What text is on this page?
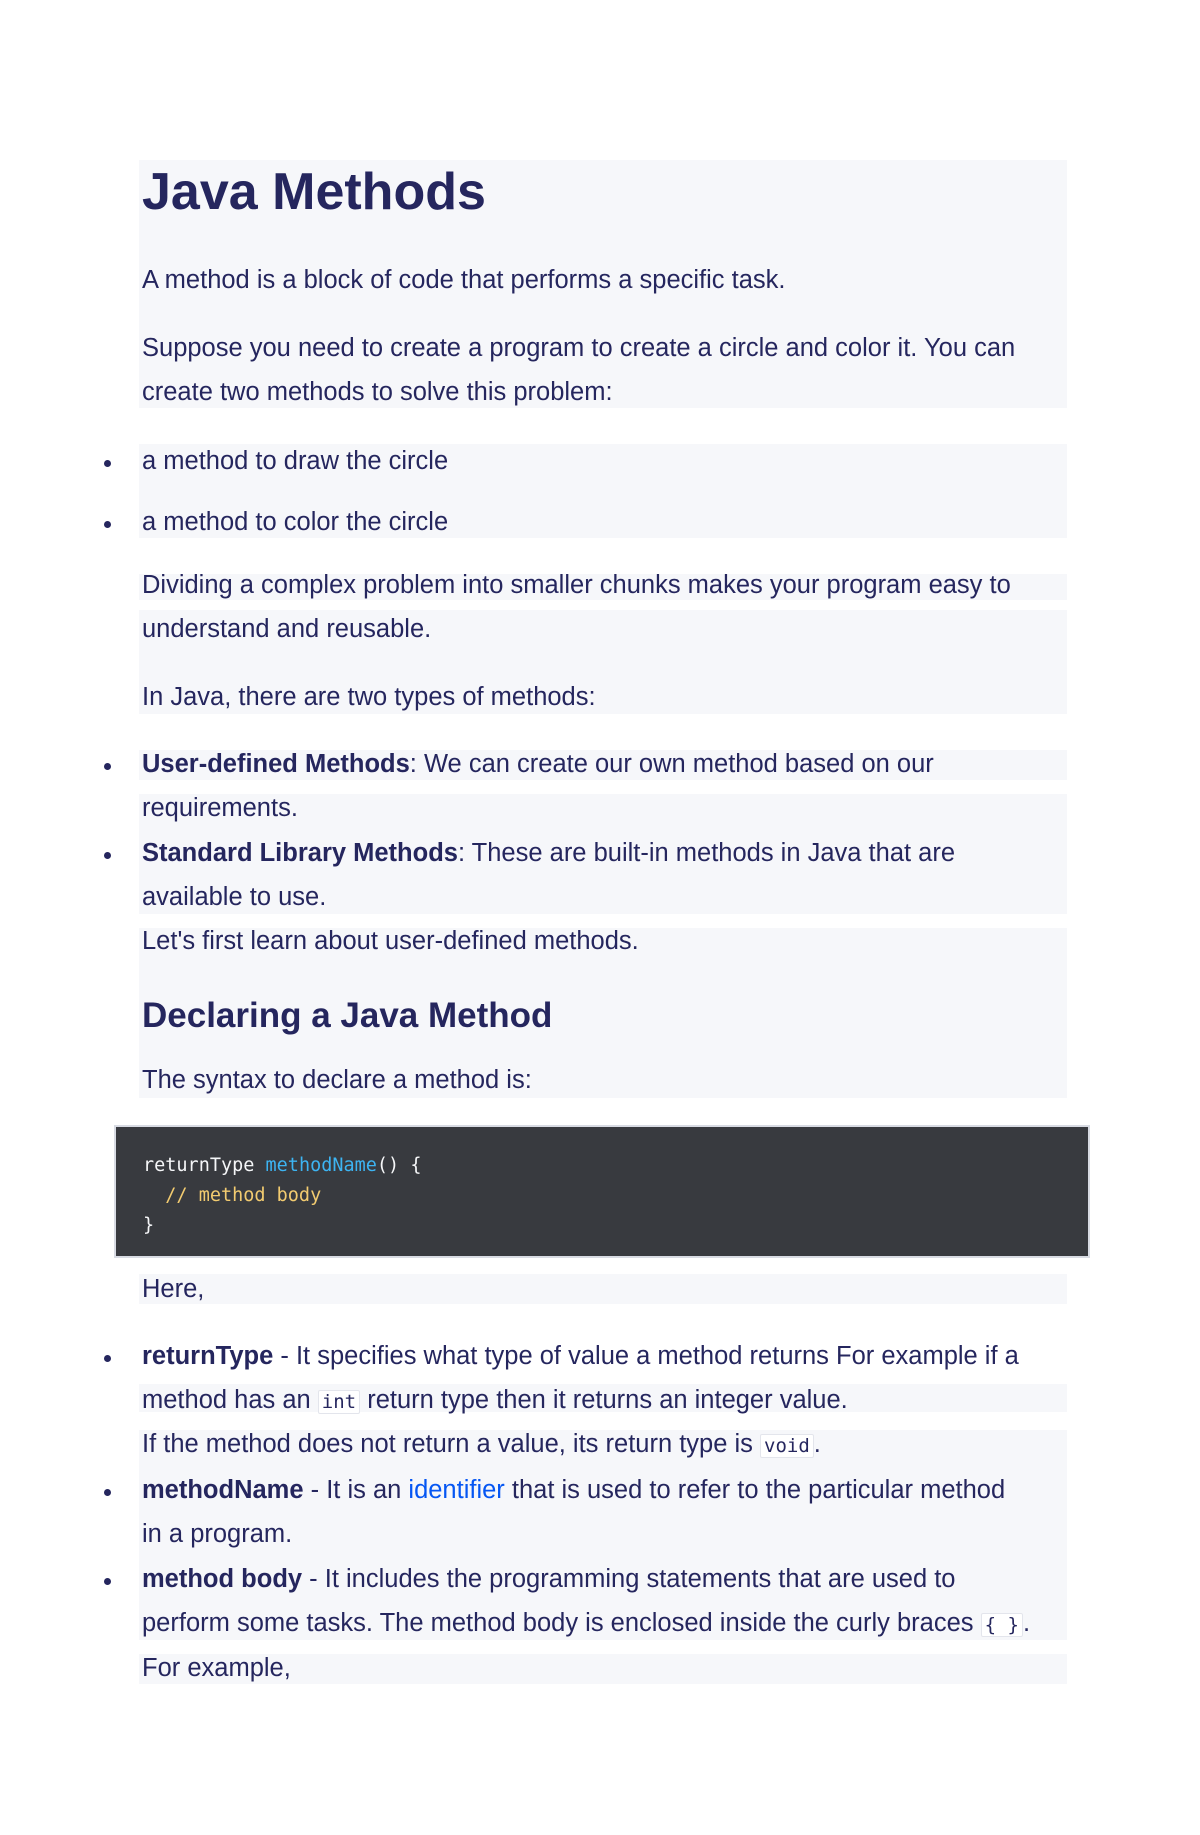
Java Methods
A method is a block of code that performs a specific task.
Suppose you need to create a program to create a circle and color it. You can
create two methods to solve this problem:
a method to draw the circle
a method to color the circle
Dividing a complex problem into smaller chunks makes your program easy to
understand and reusable.
In Java, there are two types of methods:
User-defined Methods: We can create our own method based on our
requirements.
Standard Library Methods: These are built-in methods in Java that are
available to use.
Let's first learn about user-defined methods.
Declaring a Java Method
The syntax to declare a method is:
returnType methodName() {
// method body
}
Here,
returnType - It specifies what type of value a method returns For example if a
method has an int return type then it returns an integer value.
If the method does not return a value, its return type is void .
methodName - It is an identifier that is used to refer to the particular method
in a program.
method body - It includes the programming statements that are used to
perform some tasks. The method body is enclosed inside the curly braces { } .
For example,
